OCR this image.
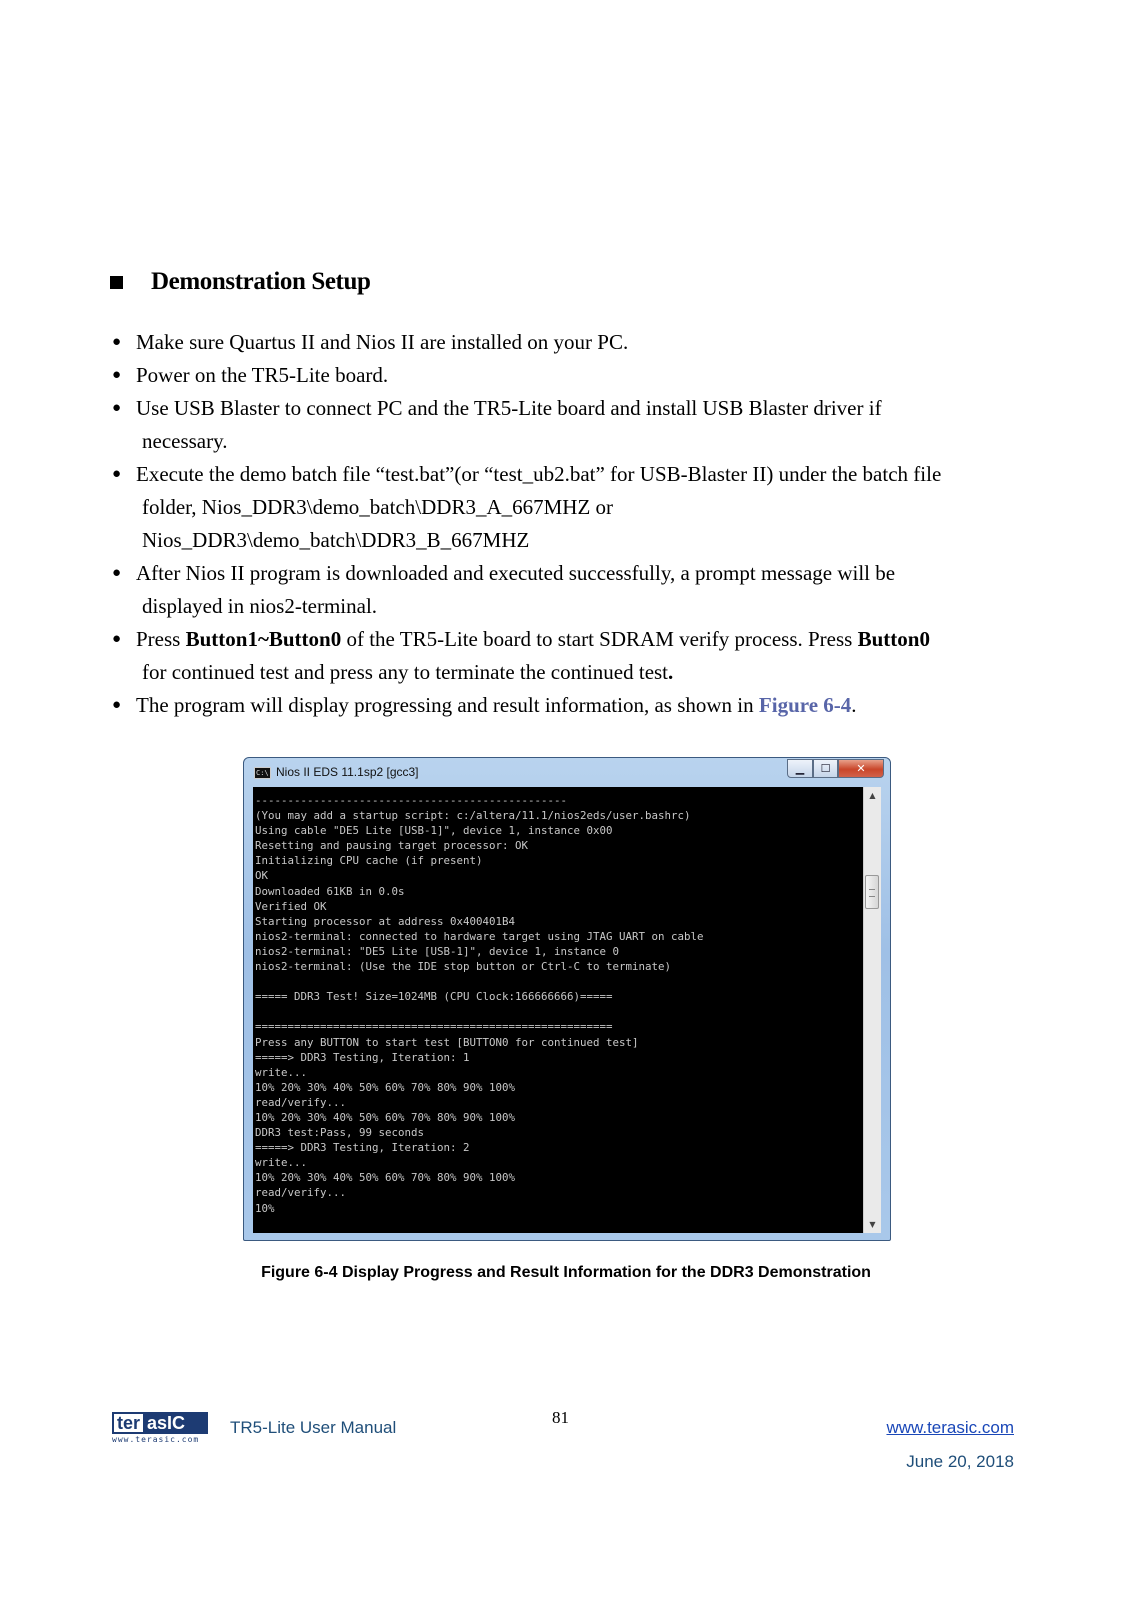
Demonstration Setup
● Make sure Quartus II and Nios II are installed on your PC.
● Power on the TR5-Lite board.
● Use USB Blaster to connect PC and the TR5-Lite board and install USB Blaster driver if
necessary.
● Execute the demo batch file “test.bat”(or “test_ub2.bat” for USB-Blaster II) under the batch file
folder, Nios_DDR3\demo_batch\DDR3_A_667MHZ or
Nios_DDR3\demo_batch\DDR3_B_667MHZ
● After Nios II program is downloaded and executed successfully, a prompt message will be
displayed in nios2-terminal.
● Press Button1~Button0 of the TR5-Lite board to start SDRAM verify process. Press Button0
for continued test and press any to terminate the continued test.
● The program will display progressing and result information, as shown in Figure 6-4.
C:\ Nios II EDS 11.1sp2 [gcc3]	▁	☐	✕
------------------------------------------------
(You may add a startup script: c:/altera/11.1/nios2eds/user.bashrc)
Using cable "DE5 Lite [USB-1]", device 1, instance 0x00
Resetting and pausing target processor: OK
Initializing CPU cache (if present)
OK
Downloaded 61KB in 0.0s
Verified OK
Starting processor at address 0x400401B4
nios2-terminal: connected to hardware target using JTAG UART on cable
nios2-terminal: "DE5 Lite [USB-1]", device 1, instance 0
nios2-terminal: (Use the IDE stop button or Ctrl-C to terminate)

===== DDR3 Test! Size=1024MB (CPU Clock:166666666)=====

=======================================================
Press any BUTTON to start test [BUTTON0 for continued test]
=====> DDR3 Testing, Iteration: 1
write...
10% 20% 30% 40% 50% 60% 70% 80% 90% 100%
read/verify...
10% 20% 30% 40% 50% 60% 70% 80% 90% 100%
DDR3 test:Pass, 99 seconds
=====> DDR3 Testing, Iteration: 2
write...
10% 20% 30% 40% 50% 60% 70% 80% 90% 100%
read/verify...
10%
▲
▼
Figure 6-4 Display Progress and Result Information for the DDR3 Demonstration
ter asIC
www.terasic.com
TR5-Lite User Manual
81
www.terasic.com
June 20, 2018
